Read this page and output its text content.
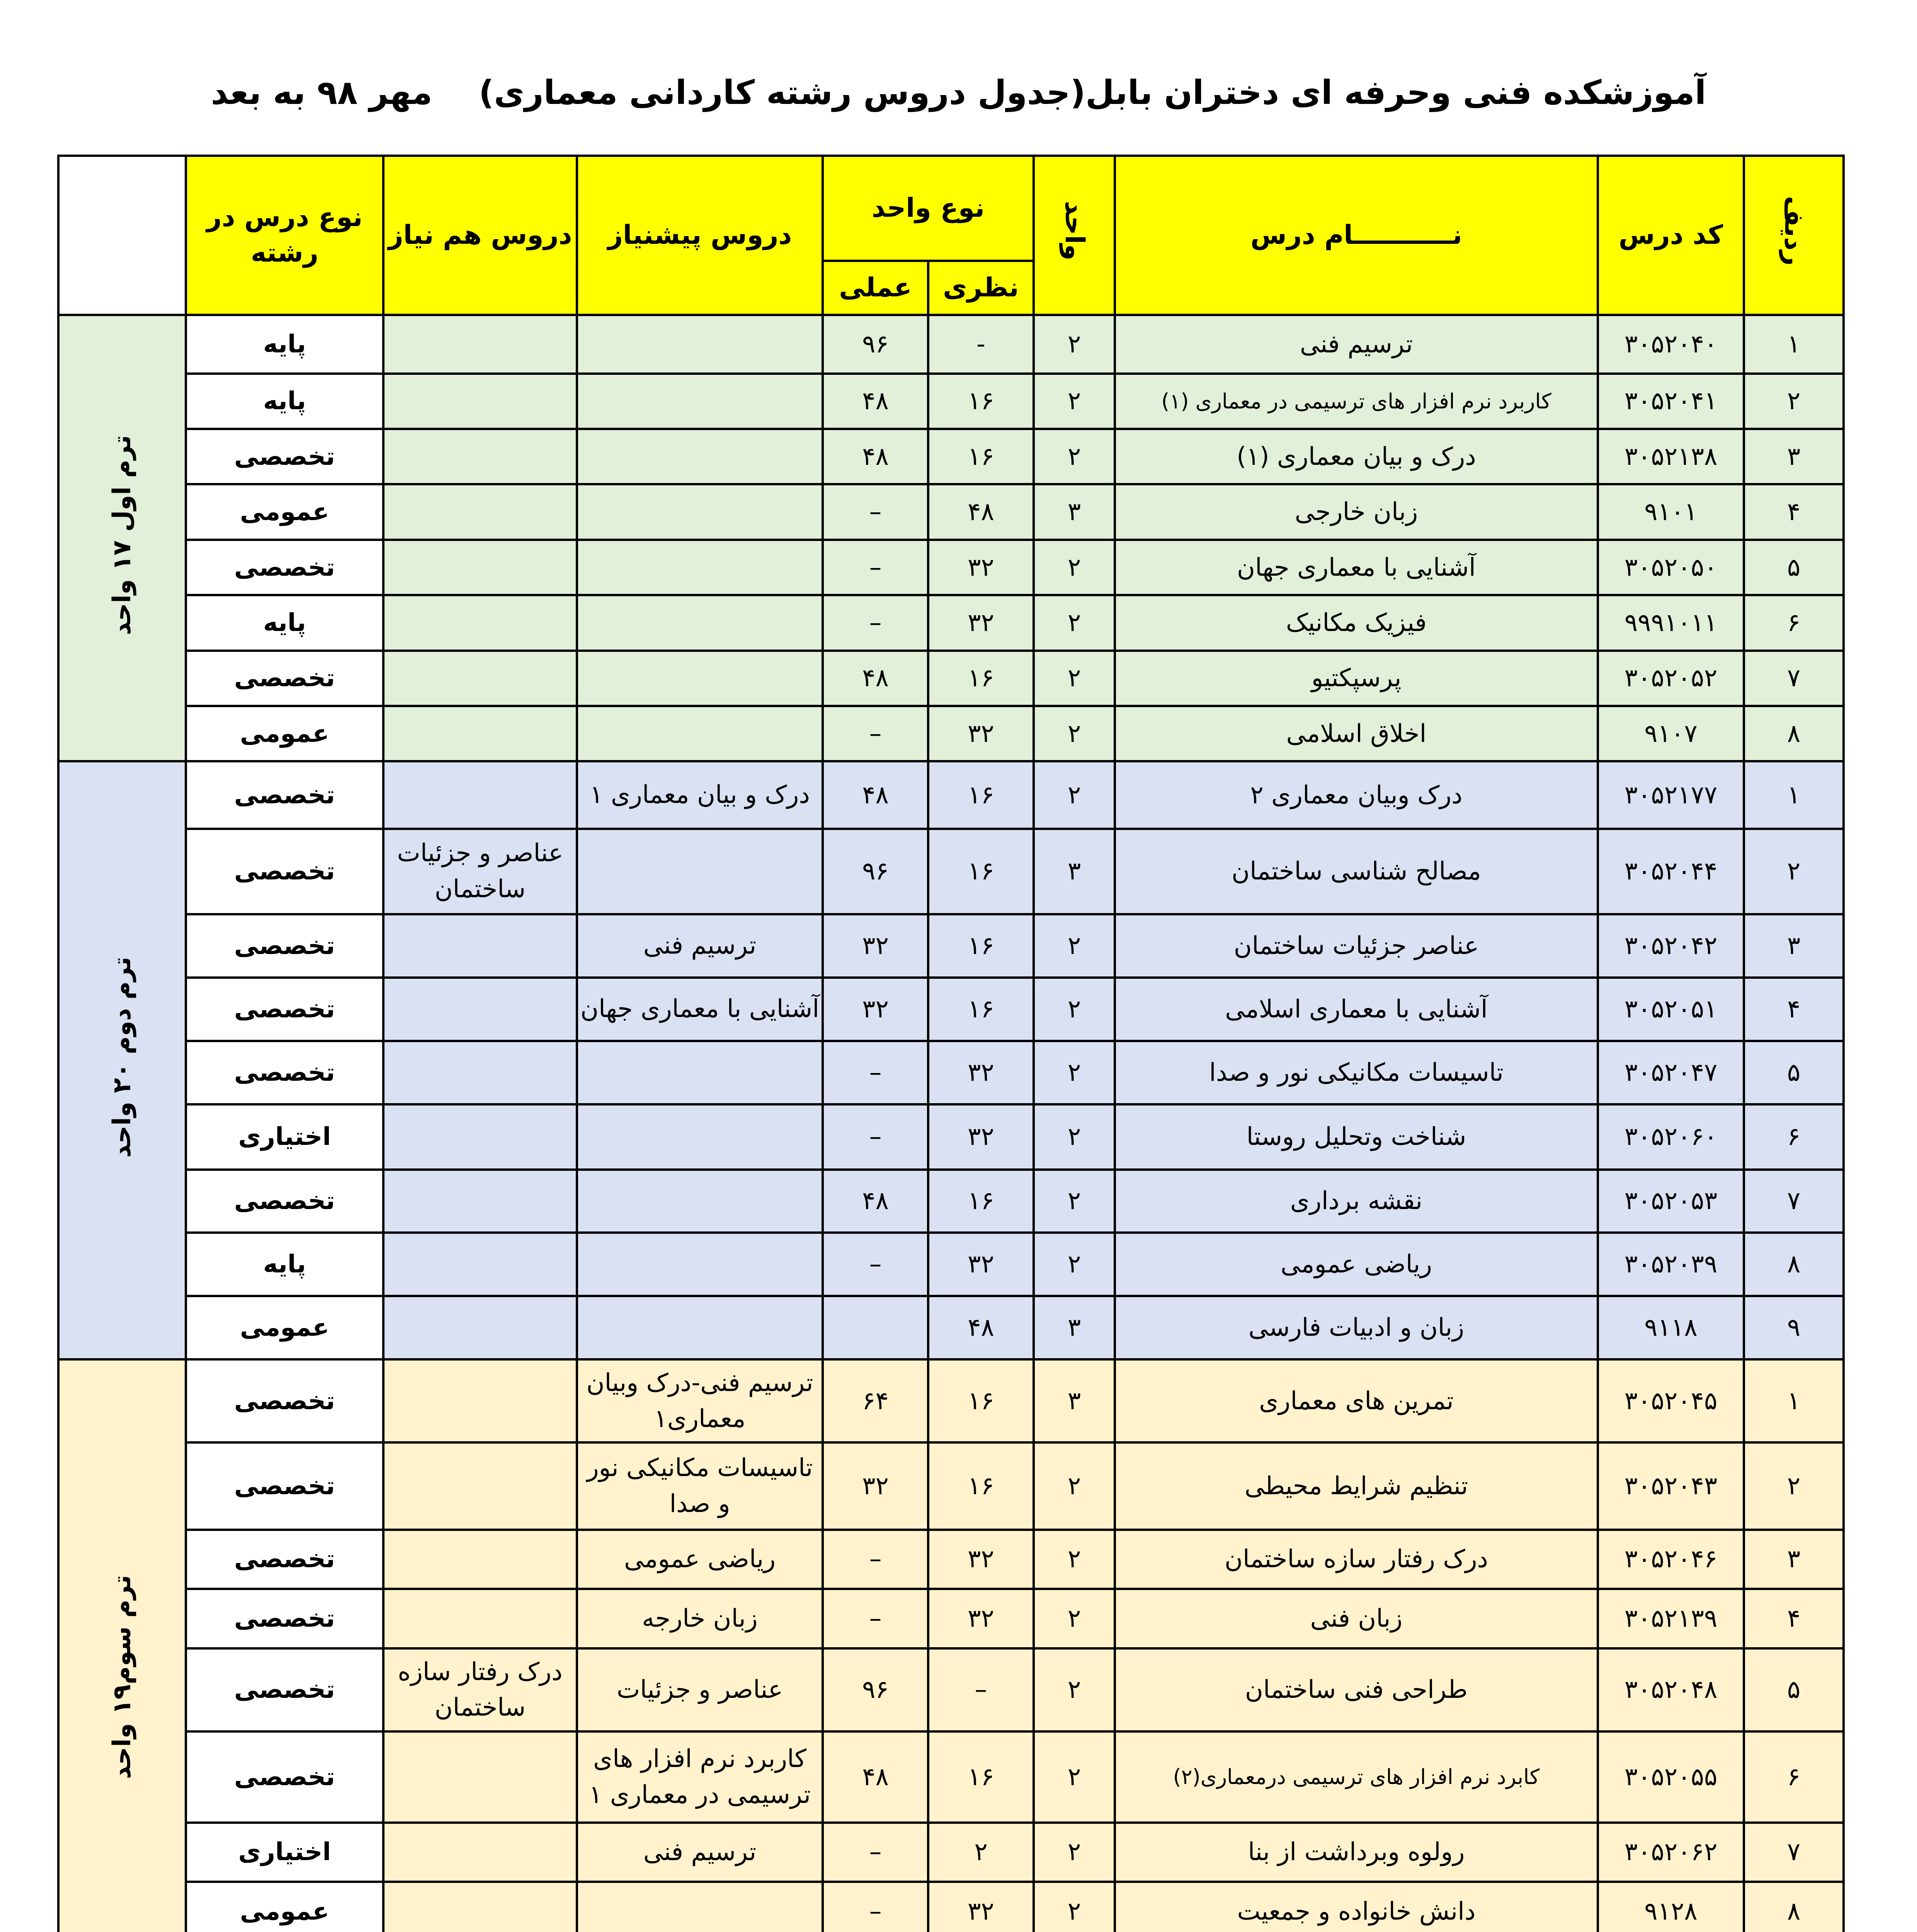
آموزشکده فنی وحرفه ای دختران بابل(جدول دروس رشته کاردانی معماری) مهر ۹۸ به بعد
ردیف	کد درس	نـــــــــــام درس	واحد	نوع واحد		دروس پیشنیاز	دروس هم نیاز	نوع درس در رشته	
				نظری	عملی				
۱	۳۰۵۲۰۴۰	ترسیم فنی	۲	-	۹۶			پایه	ترم اول ۱۷ واحد
۲	۳۰۵۲۰۴۱	کاربرد نرم افزار های ترسیمی در معماری (۱)	۲	۱۶	۴۸			پایه	
۳	۳۰۵۲۱۳۸	درک و بیان معماری (۱)	۲	۱۶	۴۸			تخصصی	
۴	۹۱۰۱	زبان خارجی	۳	۴۸	–			عمومی	
۵	۳۰۵۲۰۵۰	آشنایی با معماری جهان	۲	۳۲	–			تخصصی	
۶	۹۹۹۱۰۱۱	فیزیک مکانیک	۲	۳۲	–			پایه	
۷	۳۰۵۲۰۵۲	پرسپکتیو	۲	۱۶	۴۸			تخصصی	
۸	۹۱۰۷	اخلاق اسلامی	۲	۳۲	–			عمومی	
۱	۳۰۵۲۱۷۷	درک وبیان معماری ۲	۲	۱۶	۴۸	درک و بیان معماری ۱		تخصصی	ترم دوم ۲۰ واحد
۲	۳۰۵۲۰۴۴	مصالح شناسی ساختمان	۳	۱۶	۹۶		عناصر و جزئیات ساختمان	تخصصی	
۳	۳۰۵۲۰۴۲	عناصر جزئیات ساختمان	۲	۱۶	۳۲	ترسیم فنی		تخصصی	
۴	۳۰۵۲۰۵۱	آشنایی با معماری اسلامی	۲	۱۶	۳۲	آشنایی با معماری جهان		تخصصی	
۵	۳۰۵۲۰۴۷	تاسیسات مکانیکی نور و صدا	۲	۳۲	–			تخصصی	
۶	۳۰۵۲۰۶۰	شناخت وتحلیل روستا	۲	۳۲	–			اختیاری	
۷	۳۰۵۲۰۵۳	نقشه برداری	۲	۱۶	۴۸			تخصصی	
۸	۳۰۵۲۰۳۹	ریاضی عمومی	۲	۳۲	–			پایه	
۹	۹۱۱۸	زبان و ادبیات فارسی	۳	۴۸				عمومی	
۱	۳۰۵۲۰۴۵	تمرین های معماری	۳	۱۶	۶۴	ترسیم فنی-درک وبیان معماری۱		تخصصی	ترم سوم۱۹ واحد
۲	۳۰۵۲۰۴۳	تنظیم شرایط محیطی	۲	۱۶	۳۲	تاسیسات مکانیکی نور و صدا		تخصصی	
۳	۳۰۵۲۰۴۶	درک رفتار سازه ساختمان	۲	۳۲	–	ریاضی عمومی		تخصصی	
۴	۳۰۵۲۱۳۹	زبان فنی	۲	۳۲	–	زبان خارجه		تخصصی	
۵	۳۰۵۲۰۴۸	طراحی فنی ساختمان	۲	–	۹۶	عناصر و جزئیات	درک رفتار سازه ساختمان	تخصصی	
۶	۳۰۵۲۰۵۵	کابرد نرم افزار های ترسیمی درمعماری(۲)	۲	۱۶	۴۸	کاربرد نرم افزار های ترسیمی در معماری ۱		تخصصی	
۷	۳۰۵۲۰۶۲	رولوه وبرداشت از بنا	۲	۲	–	ترسیم فنی		اختیاری	
۸	۹۱۲۸	دانش خانواده و جمعیت	۲	۳۲	–			عمومی	
